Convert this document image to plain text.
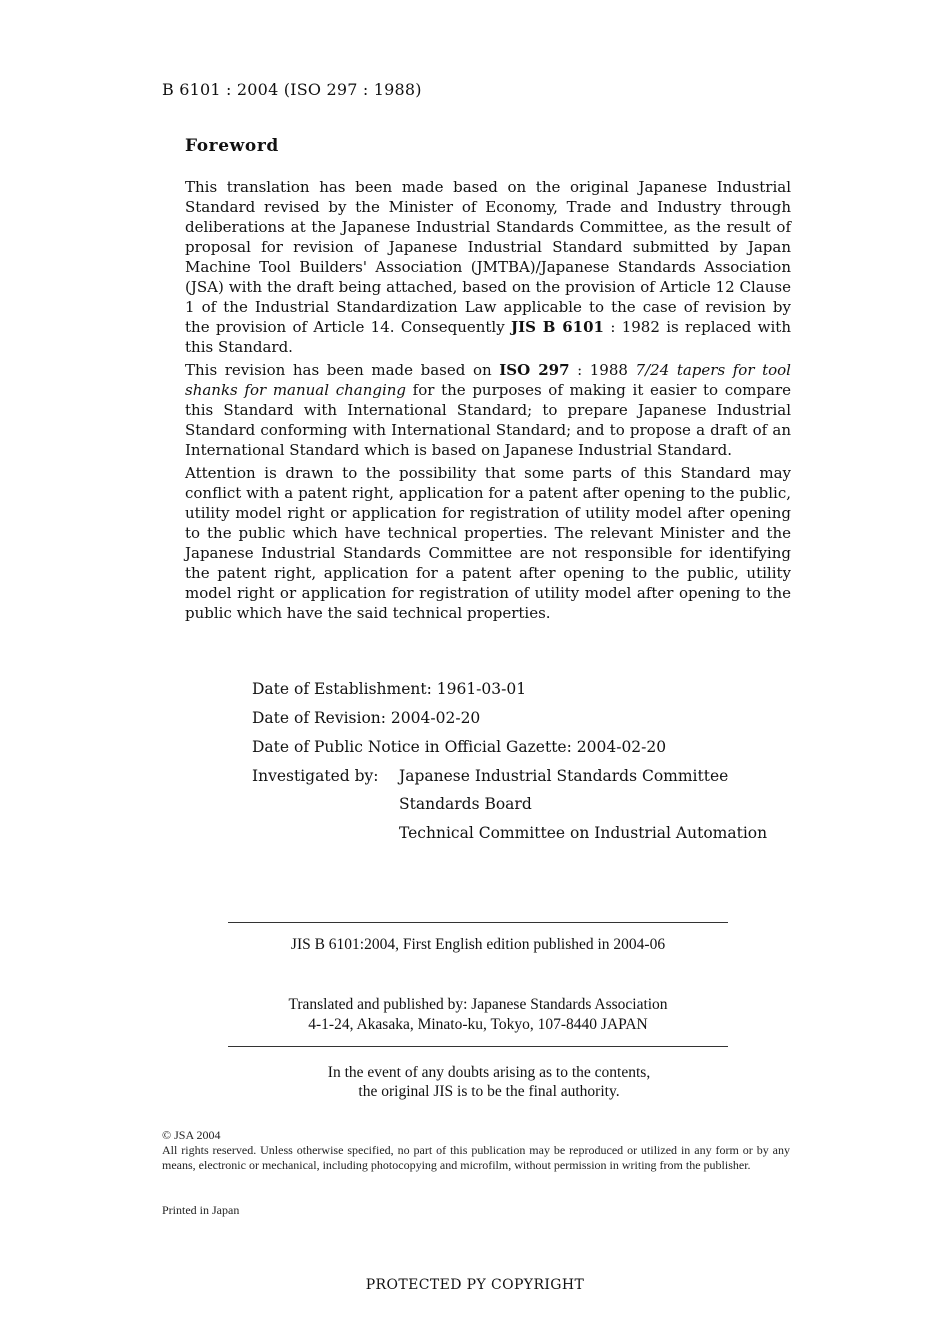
B 6101 : 2004 (ISO 297 : 1988)
Foreword
This translation has been made based on the original Japanese Industrial Standard revised by the Minister of Economy, Trade and Industry through deliberations at the Japanese Industrial Standards Committee, as the result of proposal for revision of Japanese Industrial Standard submitted by Japan Machine Tool Builders' Association (JMTBA)/Japanese Standards Association (JSA) with the draft being attached, based on the provision of Article 12 Clause 1 of the Industrial Standardization Law applicable to the case of revision by the provision of Article 14. Consequently JIS B 6101 : 1982 is replaced with this Standard.
This revision has been made based on ISO 297 : 1988 7/24 tapers for tool shanks for manual changing for the purposes of making it easier to compare this Standard with International Standard; to prepare Japanese Industrial Standard conforming with International Standard; and to propose a draft of an International Standard which is based on Japanese Industrial Standard.
Attention is drawn to the possibility that some parts of this Standard may conflict with a patent right, application for a patent after opening to the public, utility model right or application for registration of utility model after opening to the public which have technical properties. The relevant Minister and the Japanese Industrial Standards Committee are not responsible for identifying the patent right, application for a patent after opening to the public, utility model right or application for registration of utility model after opening to the public which have the said technical properties.
Date of Establishment: 1961-03-01
Date of Revision: 2004-02-20
Date of Public Notice in Official Gazette: 2004-02-20
Investigated by: Japanese Industrial Standards Committee
Standards Board
Technical Committee on Industrial Automation
JIS B 6101:2004, First English edition published in 2004-06
Translated and published by: Japanese Standards Association
4-1-24, Akasaka, Minato-ku, Tokyo, 107-8440 JAPAN
In the event of any doubts arising as to the contents,
the original JIS is to be the final authority.
© JSA 2004
All rights reserved. Unless otherwise specified, no part of this publication may be reproduced or utilized in any form or by any means, electronic or mechanical, including photocopying and microfilm, without permission in writing from the publisher.
Printed in Japan
PROTECTED PY COPYRIGHT
